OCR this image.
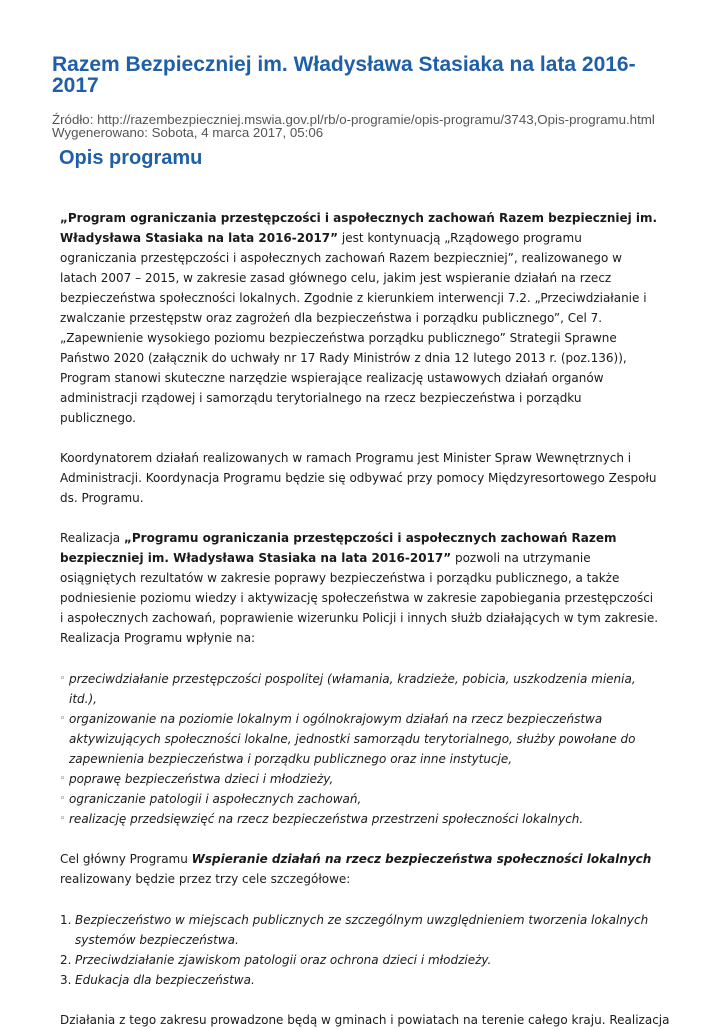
Razem Bezpieczniej im. Władysława Stasiaka na lata 2016-2017
Źródło: http://razembezpieczniej.mswia.gov.pl/rb/o-programie/opis-programu/3743,Opis-programu.html
Wygenerowano: Sobota, 4 marca 2017, 05:06
Opis programu

„Program ograniczania przestępczości i aspołecznych zachowań Razem bezpieczniej im. Władysława Stasiaka na lata 2016-2017” jest kontynuacją „Rządowego programu ograniczania przestępczości i aspołecznych zachowań Razem bezpieczniej”, realizowanego w latach 2007 – 2015, w zakresie zasad głównego celu, jakim jest wspieranie działań na rzecz bezpieczeństwa społeczności lokalnych. Zgodnie z kierunkiem interwencji 7.2. „Przeciwdziałanie i zwalczanie przestępstw oraz zagrożeń dla bezpieczeństwa i porządku publicznego”, Cel 7. „Zapewnienie wysokiego poziomu bezpieczeństwa porządku publicznego” Strategii Sprawne Państwo 2020 (załącznik do uchwały nr 17 Rady Ministrów z dnia 12 lutego 2013 r. (poz.136)), Program stanowi skuteczne narzędzie wspierające realizację ustawowych działań organów administracji rządowej i samorządu terytorialnego na rzecz bezpieczeństwa i porządku publicznego.

Koordynatorem działań realizowanych w ramach Programu jest Minister Spraw Wewnętrznych i Administracji. Koordynacja Programu będzie się odbywać przy pomocy Międzyresortowego Zespołu ds. Programu.

Realizacja „Programu ograniczania przestępczości i aspołecznych zachowań Razem bezpieczniej im. Władysława Stasiaka na lata 2016-2017” pozwoli na utrzymanie osiągniętych rezultatów w zakresie poprawy bezpieczeństwa i porządku publicznego, a także podniesienie poziomu wiedzy i aktywizację społeczeństwa w zakresie zapobiegania przestępczości i aspołecznych zachowań, poprawienie wizerunku Policji i innych służb działających w tym zakresie. Realizacja Programu wpłynie na:

◦ przeciwdziałanie przestępczości pospolitej (włamania, kradzieże, pobicia, uszkodzenia mienia, itd.),
◦ organizowanie na poziomie lokalnym i ogólnokrajowym działań na rzecz bezpieczeństwa aktywizujących społeczności lokalne, jednostki samorządu terytorialnego, służby powołane do zapewnienia bezpieczeństwa i porządku publicznego oraz inne instytucje,
◦ poprawę bezpieczeństwa dzieci i młodzieży,
◦ ograniczanie patologii i aspołecznych zachowań,
◦ realizację przedsięwzięć na rzecz bezpieczeństwa przestrzeni społeczności lokalnych.

Cel główny Programu Wspieranie działań na rzecz bezpieczeństwa społeczności lokalnych realizowany będzie przez trzy cele szczegółowe:

1. Bezpieczeństwo w miejscach publicznych ze szczególnym uwzględnieniem tworzenia lokalnych systemów bezpieczeństwa.
2. Przeciwdziałanie zjawiskom patologii oraz ochrona dzieci i młodzieży.
3. Edukacja dla bezpieczeństwa.

Działania z tego zakresu prowadzone będą w gminach i powiatach na terenie całego kraju. Realizacja
